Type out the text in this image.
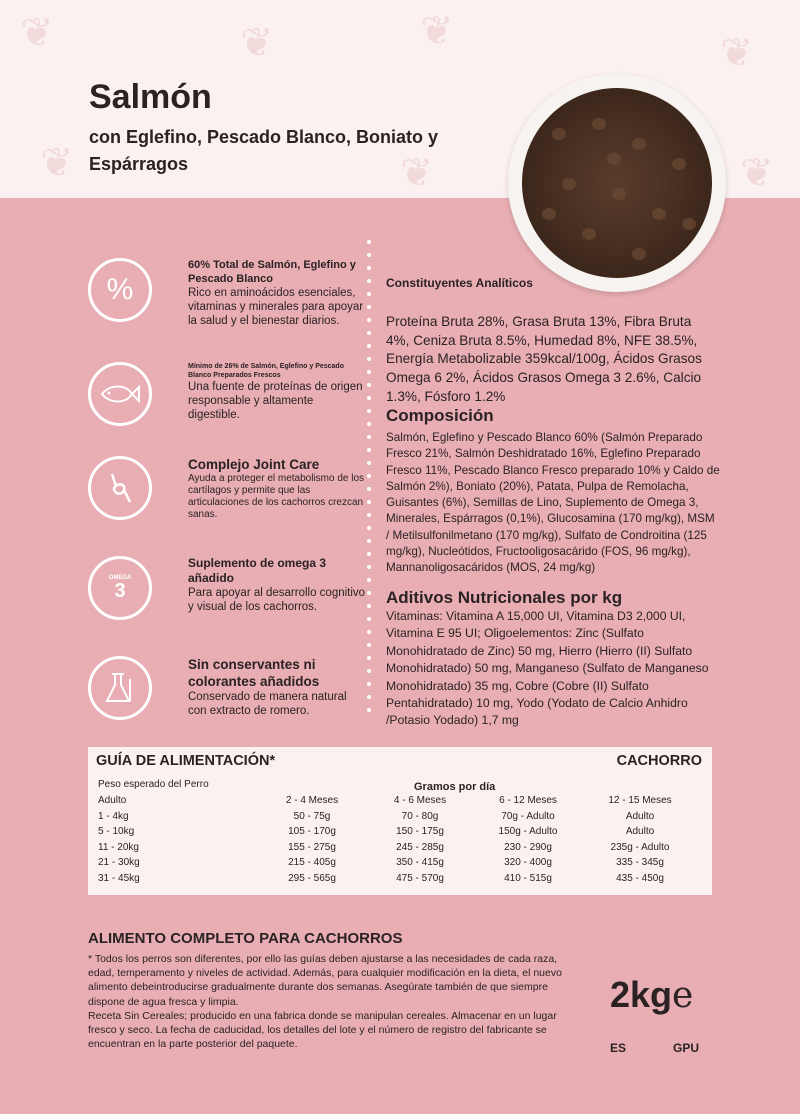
❦	❦	❦	❦
❦	❦	❦
Salmón

con Eglefino, Pescado Blanco, Boniato y Espárragos

%
60% Total de Salmón, Eglefino y Pescado Blanco
Rico en aminoácidos esenciales, vitaminas y minerales para apoyar la salud y el bienestar diarios.
Mínimo de 26% de Salmón, Eglefino y Pescado Blanco Preparados Frescos
Una fuente de proteínas de origen responsable y altamente digestible.
Complejo Joint Care
Ayuda a proteger el metabolismo de los cartílagos y permite que las articulaciones de los cachorros crezcan sanas.
OMEGA
3
Suplemento de omega 3 añadido
Para apoyar al desarrollo cognitivo y visual de los cachorros.
Sin conservantes ni colorantes añadidos
Conservado de manera natural con extracto de romero.
Constituyentes Analíticos
Proteína Bruta 28%, Grasa Bruta 13%, Fibra Bruta 4%, Ceniza Bruta 8.5%, Humedad 8%, NFE 38.5%, Energía Metabolizable 359kcal/100g, Ácidos Grasos Omega 6 2%, Ácidos Grasos Omega 3 2.6%, Calcio 1.3%, Fósforo 1.2%
Composición
Salmón, Eglefino y Pescado Blanco 60% (Salmón Preparado Fresco 21%, Salmón Deshidratado 16%, Eglefino Preparado Fresco 11%, Pescado Blanco Fresco preparado 10% y Caldo de Salmón 2%), Boniato (20%), Patata, Pulpa de Remolacha, Guisantes (6%), Semillas de Lino, Suplemento de Omega 3, Minerales, Espárragos (0,1%), Glucosamina (170 mg/kg), MSM / Metilsulfonilmetano (170 mg/kg), Sulfato de Condroitina (125 mg/kg), Nucleótidos, Fructooligosacárido (FOS, 96 mg/kg), Mannanoligosacáridos (MOS, 24 mg/kg)
Aditivos Nutricionales por kg
Vitaminas: Vitamina A 15,000 UI, Vitamina D3 2,000 UI, Vitamina E 95 UI; Oligoelementos: Zinc (Sulfato Monohidratado de Zinc) 50 mg, Hierro (Hierro (II) Sulfato Monohidratado) 50 mg, Manganeso (Sulfato de Manganeso Monohidratado) 35 mg, Cobre (Cobre (II) Sulfato Pentahidratado) 10 mg, Yodo (Yodato de Calcio Anhidro /Potasio Yodado) 1,7 mg
GUÍA DE ALIMENTACIÓN*	CACHORRO
Peso esperado del Perro	Gramos por día
Adulto	2 - 4 Meses	4 - 6 Meses	6 - 12 Meses	12 - 15 Meses
1 - 4kg	50 - 75g	70 - 80g	70g - Adulto	Adulto
5 - 10kg	105 - 170g	150 - 175g	150g - Adulto	Adulto
11 - 20kg	155 - 275g	245 - 285g	230 - 290g	235g - Adulto
21 - 30kg	215 - 405g	350 - 415g	320 - 400g	335 - 345g
31 - 45kg	295 - 565g	475 - 570g	410 - 515g	435 - 450g
ALIMENTO COMPLETO PARA CACHORROS
* Todos los perros son diferentes, por ello las guías deben ajustarse a las necesidades de cada raza, edad, temperamento y niveles de actividad. Además, para cualquier modificación en la dieta, el nuevo alimento debeintroducirse gradualmente durante dos semanas. Asegúrate también de que siempre dispone de agua fresca y limpia.
Receta Sin Cereales; producido en una fabrica donde se manipulan cereales. Almacenar en un lugar fresco y seco. La fecha de caducidad, los detalles del lote y el número de registro del fabricante se encuentran en la parte posterior del paquete.
2kge
ES	GPU
